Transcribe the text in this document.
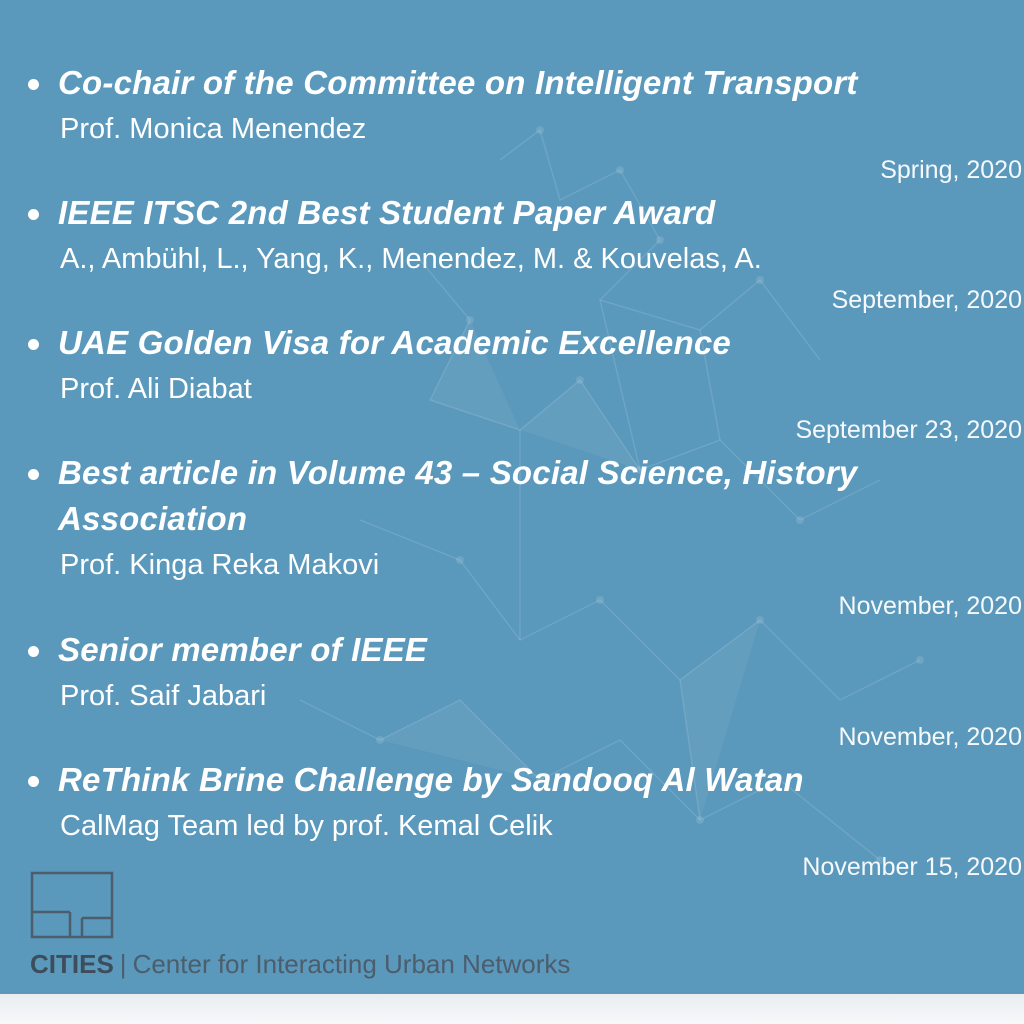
Co-chair of the Committee on Intelligent Transport
Prof. Monica Menendez
Spring, 2020
IEEE ITSC 2nd Best Student Paper Award
A., Ambühl, L., Yang, K., Menendez, M. & Kouvelas, A.
September, 2020
UAE Golden Visa for Academic Excellence
Prof. Ali Diabat
September 23, 2020
Best article in Volume 43 – Social Science, History Association
Prof. Kinga Reka Makovi
November, 2020
Senior member of IEEE
Prof. Saif Jabari
November, 2020
ReThink Brine Challenge by Sandooq Al Watan
CalMag Team led by prof. Kemal Celik
November 15, 2020
CITIES | Center for Interacting Urban Networks
